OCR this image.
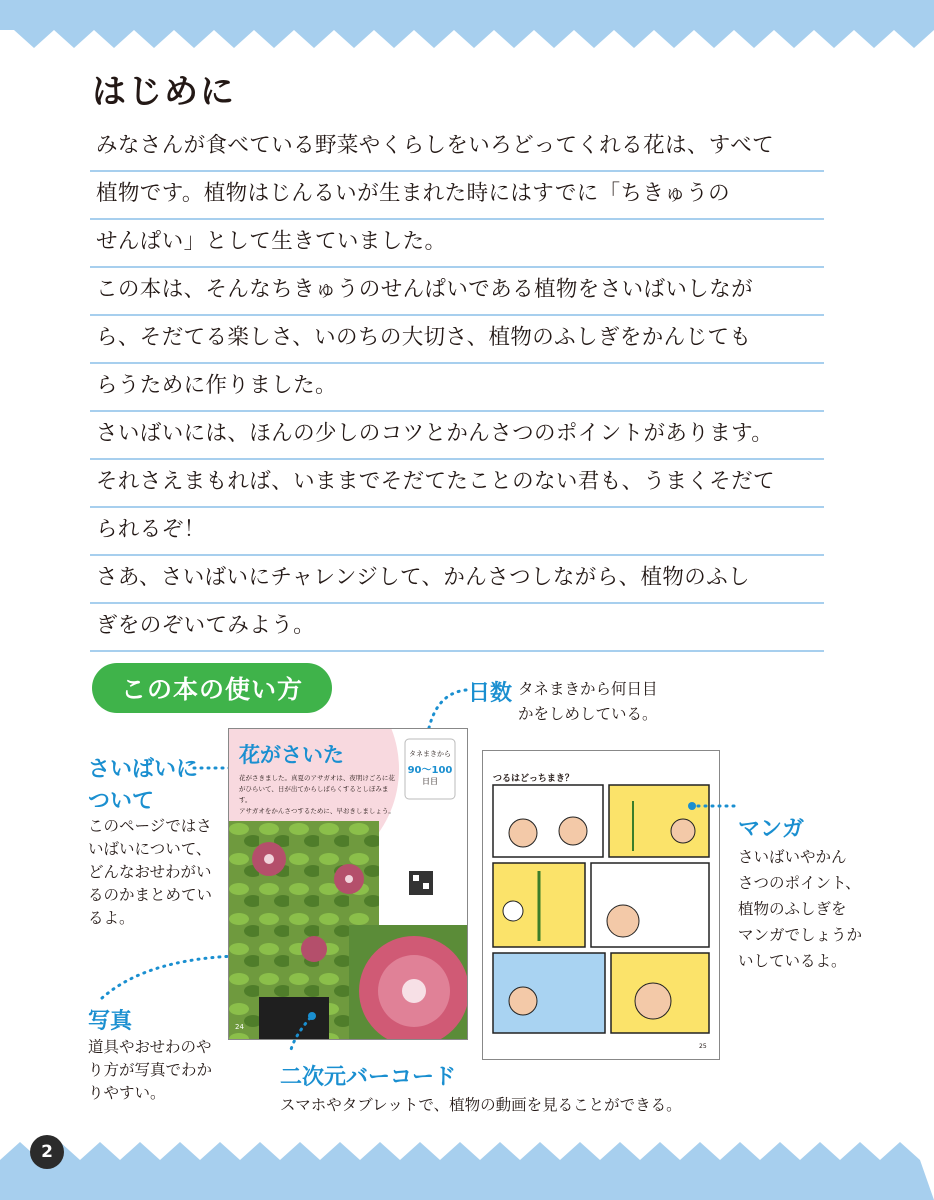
はじめに
みなさんが食べている野菜やくらしをいろどってくれる花は、すべて
植物です。植物はじんるいが生まれた時にはすでに「ちきゅうの
せんぱい」として生きていました。
この本は、そんなちきゅうのせんぱいである植物をさいばいしなが
ら、そだてる楽しさ、いのちの大切さ、植物のふしぎをかんじても
らうために作りました。
さいばいには、ほんの少しのコツとかんさつのポイントがあります。
それさえまもれば、いままでそだてたことのない君も、うまくそだて
られるぞ！
さあ、さいばいにチャレンジして、かんさつしながら、植物のふし
ぎをのぞいてみよう。
この本の使い方	日数 タネまきから何日目
かをしめしている。
さいばいに
ついて
このページではさ
いばいについて、
どんなおせわがい
るのかまとめてい
るよ。
写真
道具やおせわのや
り方が写真でわか
りやすい。
花がさいた	タネまきから
90〜100
日目
花がさきました。真夏のアサガオは、夜明けごろに花
がひらいて、日が出てからしばらくするとしぼみます。
アサガオをかんさつするために、早おきしましょう。
24
二次元バーコード
スマホやタブレットで、植物の動画を見ることができる。
つるはどっちまき？
25
マンガ
さいばいやかん
さつのポイント、
植物のふしぎを
マンガでしょうか
いしているよ。
2
